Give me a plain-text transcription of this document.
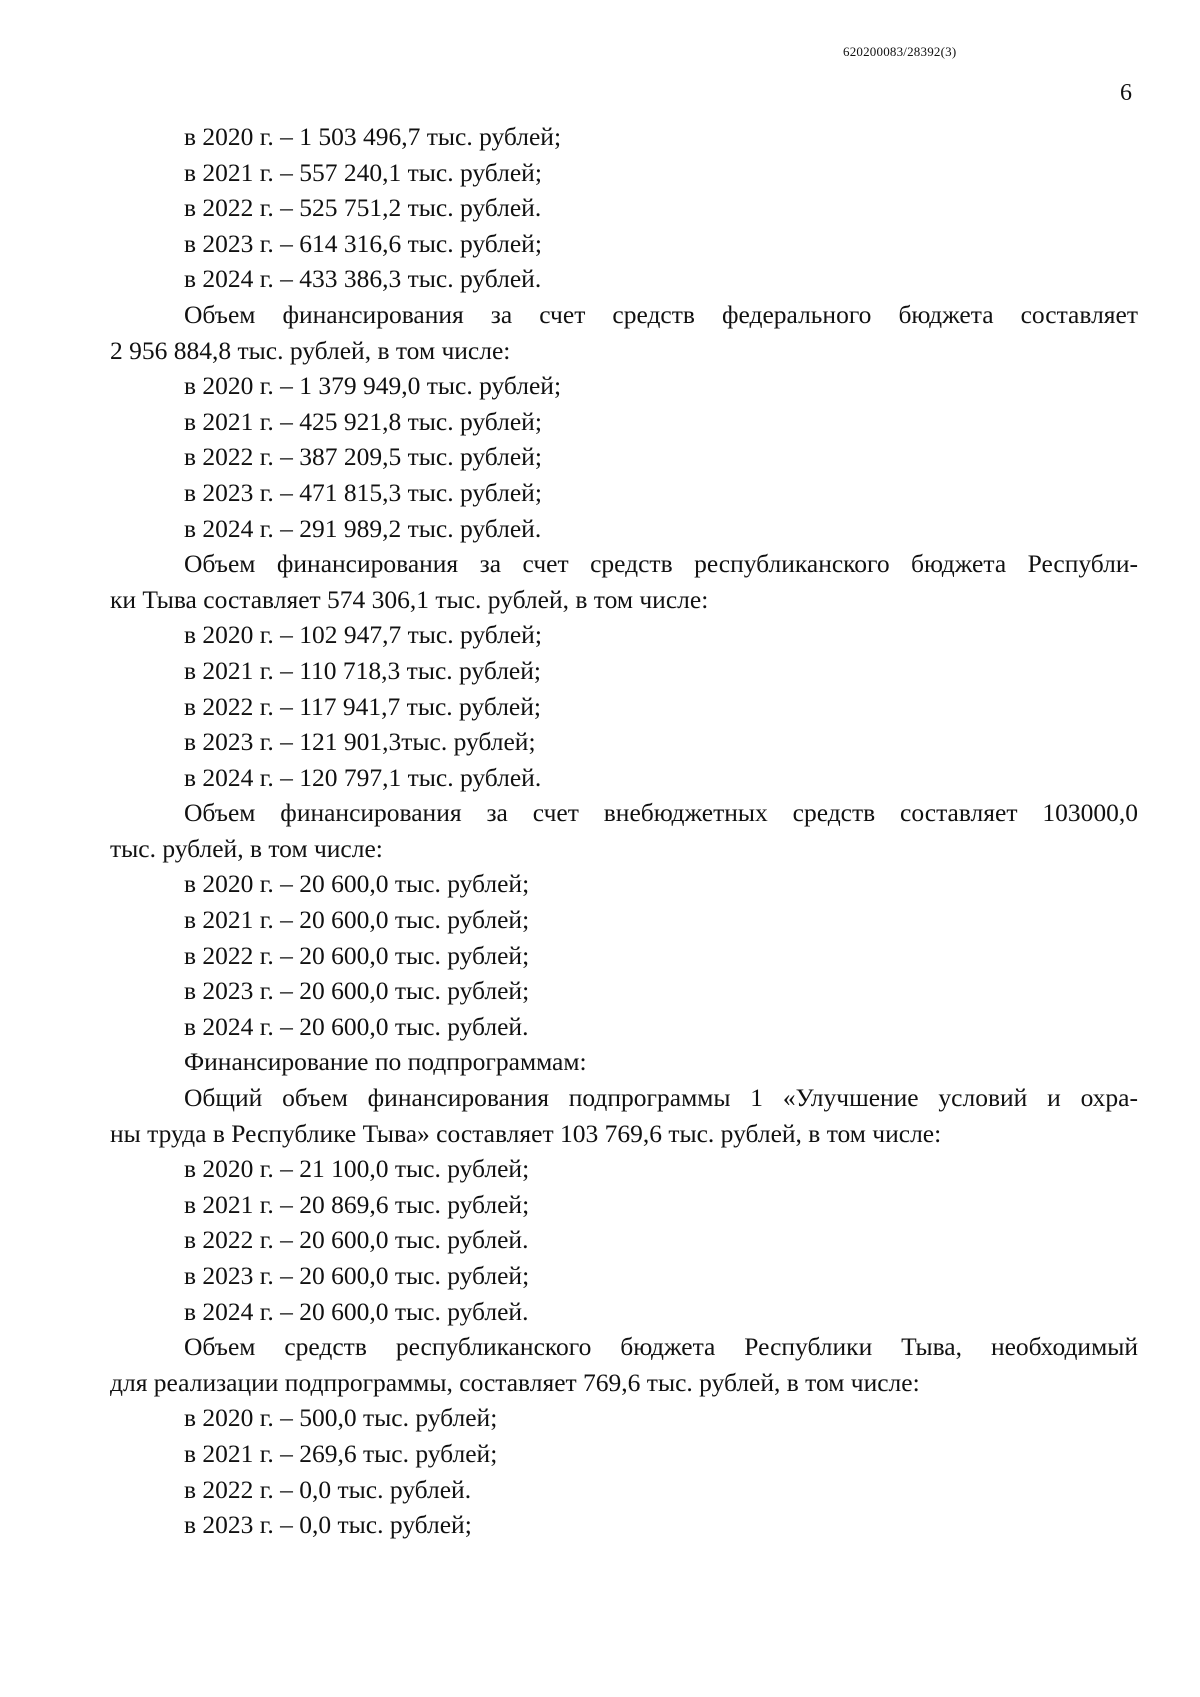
620200083/28392(3)
6
в 2020 г. – 1 503 496,7 тыс. рублей;
в 2021 г. – 557 240,1 тыс. рублей;
в 2022 г. – 525 751,2 тыс. рублей.
в 2023 г. – 614 316,6 тыс. рублей;
в 2024 г. – 433 386,3 тыс. рублей.
Объем финансирования за счет средств федерального бюджета составляет
2 956 884,8 тыс. рублей, в том числе:
в 2020 г. – 1 379 949,0 тыс. рублей;
в 2021 г. – 425 921,8 тыс. рублей;
в 2022 г. – 387 209,5 тыс. рублей;
в 2023 г. – 471 815,3 тыс. рублей;
в 2024 г. – 291 989,2 тыс. рублей.
Объем финансирования за счет средств республиканского бюджета Республи-
ки Тыва составляет 574 306,1 тыс. рублей, в том числе:
в 2020 г. – 102 947,7 тыс. рублей;
в 2021 г. – 110 718,3 тыс. рублей;
в 2022 г. – 117 941,7 тыс. рублей;
в 2023 г. – 121 901,3тыс. рублей;
в 2024 г. – 120 797,1 тыс. рублей.
Объем финансирования за счет внебюджетных средств составляет 103000,0
тыс. рублей, в том числе:
в 2020 г. – 20 600,0 тыс. рублей;
в 2021 г. – 20 600,0 тыс. рублей;
в 2022 г. – 20 600,0 тыс. рублей;
в 2023 г. – 20 600,0 тыс. рублей;
в 2024 г. – 20 600,0 тыс. рублей.
Финансирование по подпрограммам:
Общий объем финансирования подпрограммы 1 «Улучшение условий и охра-
ны труда в Республике Тыва» составляет 103 769,6 тыс. рублей, в том числе:
в 2020 г. – 21 100,0 тыс. рублей;
в 2021 г. – 20 869,6 тыс. рублей;
в 2022 г. – 20 600,0 тыс. рублей.
в 2023 г. – 20 600,0 тыс. рублей;
в 2024 г. – 20 600,0 тыс. рублей.
Объем средств республиканского бюджета Республики Тыва, необходимый
для реализации подпрограммы, составляет 769,6 тыс. рублей, в том числе:
в 2020 г. – 500,0 тыс. рублей;
в 2021 г. – 269,6 тыс. рублей;
в 2022 г. – 0,0 тыс. рублей.
в 2023 г. – 0,0 тыс. рублей;
